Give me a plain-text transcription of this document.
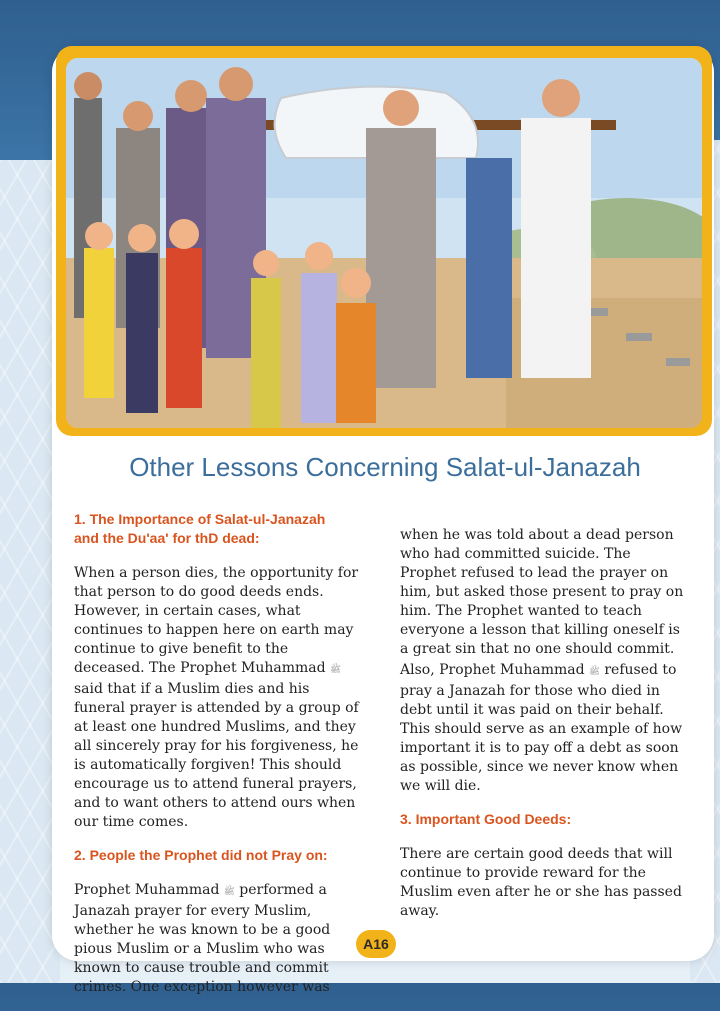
Other Lessons Concerning Salat-ul-Janazah

1. The Importance of Salat-ul-Janazah
and the Du'aa' for thD dead:

When a person dies, the opportunity for that person to do good deeds ends. However, in certain cases, what continues to happen here on earth may continue to give benefit to the deceased. The Prophet Muhammad ﷺ said that if a Muslim dies and his funeral prayer is attended by a group of at least one hundred Muslims, and they all sincerely pray for his forgiveness, he is automatically forgiven! This should encourage us to attend funeral prayers, and to want others to attend ours when our time comes.

2. People the Prophet did not Pray on:

Prophet Muhammad ﷺ performed a Janazah prayer for every Muslim, whether he was known to be a good pious Muslim or a Muslim who was known to cause trouble and commit crimes. One exception however was

when he was told about a dead person who had committed suicide. The Prophet refused to lead the prayer on him, but asked those present to pray on him. The Prophet wanted to teach everyone a lesson that killing oneself is a great sin that no one should commit.

Also, Prophet Muhammad ﷺ refused to pray a Janazah for those who died in debt until it was paid on their behalf. This should serve as an example of how important it is to pay off a debt as soon as possible, since we never know when we will die.

3. Important Good Deeds:

There are certain good deeds that will continue to provide reward for the Muslim even after he or she has passed away.

A16
